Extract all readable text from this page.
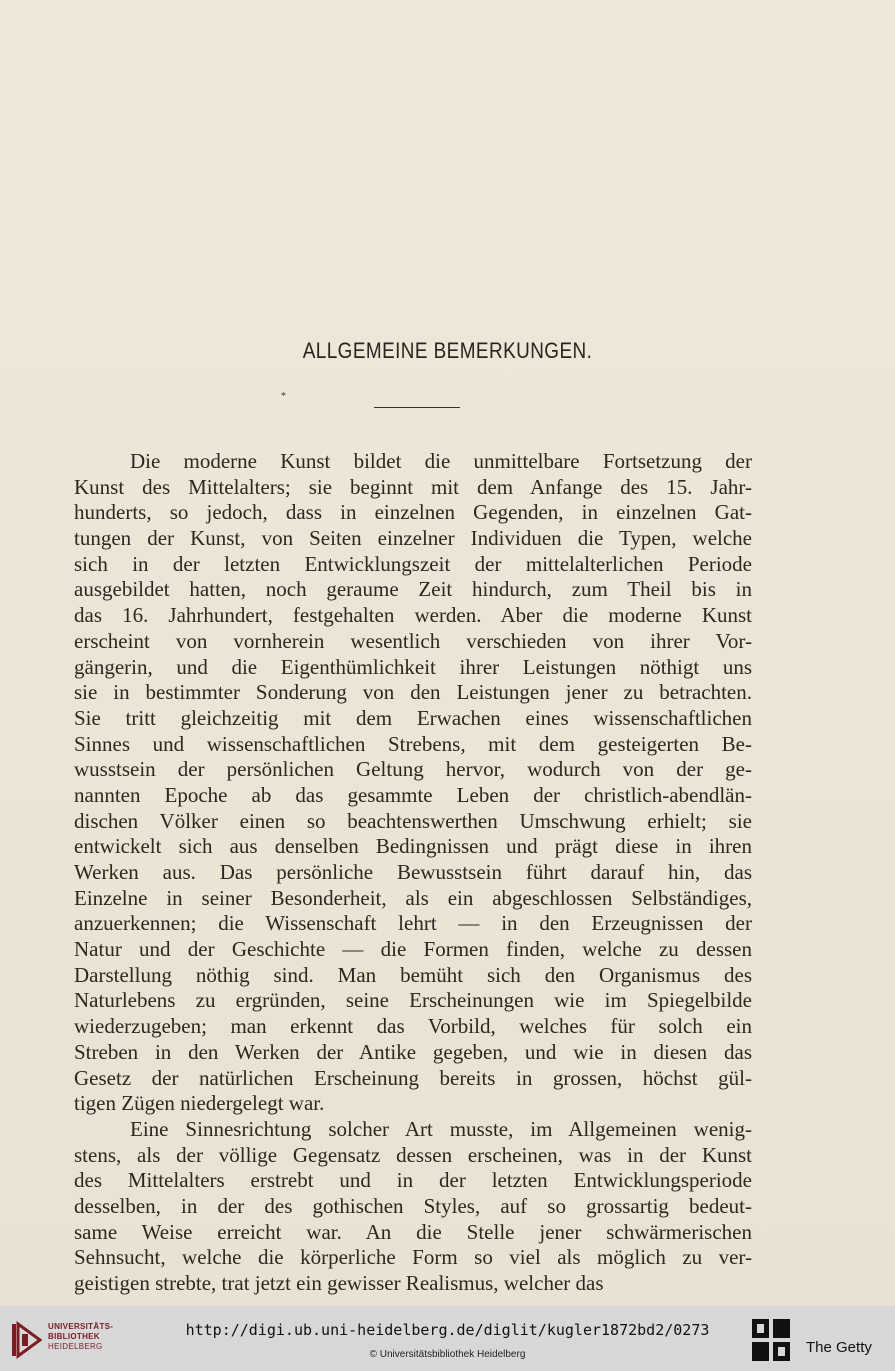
ALLGEMEINE BEMERKUNGEN.
*
Die moderne Kunst bildet die unmittelbare Fortsetzung der
Kunst des Mittelalters; sie beginnt mit dem Anfange des 15. Jahr-
hunderts, so jedoch, dass in einzelnen Gegenden, in einzelnen Gat-
tungen der Kunst, von Seiten einzelner Individuen die Typen, welche
sich in der letzten Entwicklungszeit der mittelalterlichen Periode
ausgebildet hatten, noch geraume Zeit hindurch, zum Theil bis in
das 16. Jahrhundert, festgehalten werden. Aber die moderne Kunst
erscheint von vornherein wesentlich verschieden von ihrer Vor-
gängerin, und die Eigenthümlichkeit ihrer Leistungen nöthigt uns
sie in bestimmter Sonderung von den Leistungen jener zu betrachten.
Sie tritt gleichzeitig mit dem Erwachen eines wissenschaftlichen
Sinnes und wissenschaftlichen Strebens, mit dem gesteigerten Be-
wusstsein der persönlichen Geltung hervor, wodurch von der ge-
nannten Epoche ab das gesammte Leben der christlich-abendlän-
dischen Völker einen so beachtenswerthen Umschwung erhielt; sie
entwickelt sich aus denselben Bedingnissen und prägt diese in ihren
Werken aus. Das persönliche Bewusstsein führt darauf hin, das
Einzelne in seiner Besonderheit, als ein abgeschlossen Selbständiges,
anzuerkennen; die Wissenschaft lehrt — in den Erzeugnissen der
Natur und der Geschichte — die Formen finden, welche zu dessen
Darstellung nöthig sind. Man bemüht sich den Organismus des
Naturlebens zu ergründen, seine Erscheinungen wie im Spiegelbilde
wiederzugeben; man erkennt das Vorbild, welches für solch ein
Streben in den Werken der Antike gegeben, und wie in diesen das
Gesetz der natürlichen Erscheinung bereits in grossen, höchst gül-
tigen Zügen niedergelegt war.
Eine Sinnesrichtung solcher Art musste, im Allgemeinen wenig-
stens, als der völlige Gegensatz dessen erscheinen, was in der Kunst
des Mittelalters erstrebt und in der letzten Entwicklungsperiode
desselben, in der des gothischen Styles, auf so grossartig bedeut-
same Weise erreicht war. An die Stelle jener schwärmerischen
Sehnsucht, welche die körperliche Form so viel als möglich zu ver-
geistigen strebte, trat jetzt ein gewisser Realismus, welcher das
UNIVERSITÄTS-
BIBLIOTHEK
HEIDELBERG
http://digi.ub.uni-heidelberg.de/diglit/kugler1872bd2/0273
© Universitätsbibliothek Heidelberg	The Getty
